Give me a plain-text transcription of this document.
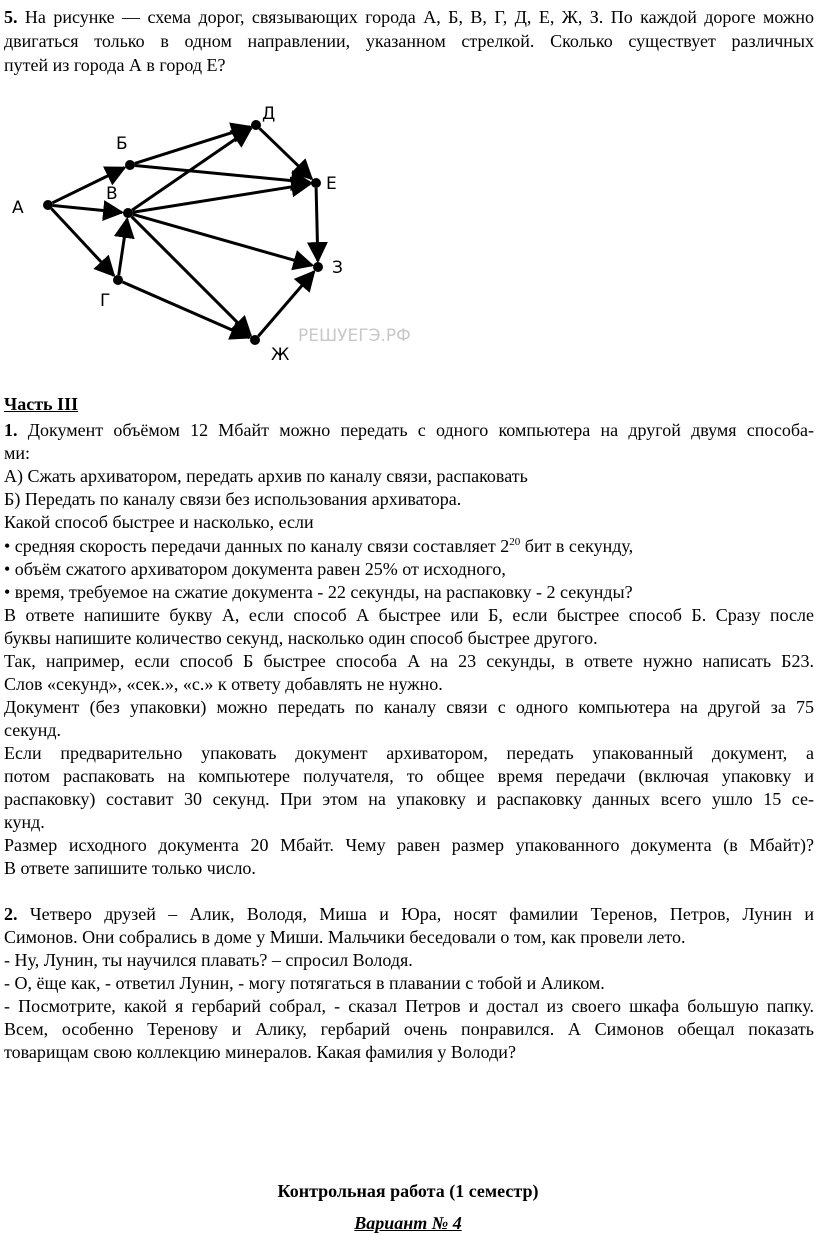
5. На рисунке — схема дорог, связывающих города А, Б, В, Г, Д, Е, Ж, З. По каждой дороге можно
двигаться только в одном направлении, указанном стрелкой. Сколько существует различных
путей из города А в город Е?
А
Б
В
Г
Д
Е
Ж
З
РЕШУЕГЭ.РФ
Часть III
1. Документ объёмом 12 Мбайт можно передать с одного компьютера на другой двумя способа-
ми:
А) Сжать архиватором, передать архив по каналу связи, распаковать
Б) Передать по каналу связи без использования архиватора.
Какой способ быстрее и насколько, если
• средняя скорость передачи данных по каналу связи составляет $2^{20}$ бит в секунду,
• объём сжатого архиватором документа равен 25% от исходного,
• время, требуемое на сжатие документа - 22 секунды, на распаковку - 2 секунды?
В ответе напишите букву А, если способ А быстрее или Б, если быстрее способ Б. Сразу после
буквы напишите количество секунд, насколько один способ быстрее другого.
Так, например, если способ Б быстрее способа А на 23 секунды, в ответе нужно написать Б23.
Слов «секунд», «сек.», «с.» к ответу добавлять не нужно.
Документ (без упаковки) можно передать по каналу связи с одного компьютера на другой за 75
секунд.
Если предварительно упаковать документ архиватором, передать упакованный документ, а
потом распаковать на компьютере получателя, то общее время передачи (включая упаковку и
распаковку) составит 30 секунд. При этом на упаковку и распаковку данных всего ушло 15 се-
кунд.
Размер исходного документа 20 Мбайт. Чему равен размер упакованного документа (в Мбайт)?
В ответе запишите только число.
2. Четверо друзей – Алик, Володя, Миша и Юра, носят фамилии Теренов, Петров, Лунин и
Симонов. Они собрались в доме у Миши. Мальчики беседовали о том, как провели лето.
- Ну, Лунин, ты научился плавать? – спросил Володя.
- О, ёще как, - ответил Лунин, - могу потягаться в плавании с тобой и Аликом.
- Посмотрите, какой я гербарий собрал, - сказал Петров и достал из своего шкафа большую папку.
Всем, особенно Теренову и Алику, гербарий очень понравился. А Симонов обещал показать
товарищам свою коллекцию минералов. Какая фамилия у Володи?
Контрольная работа (1 семестр)
Вариант № 4
